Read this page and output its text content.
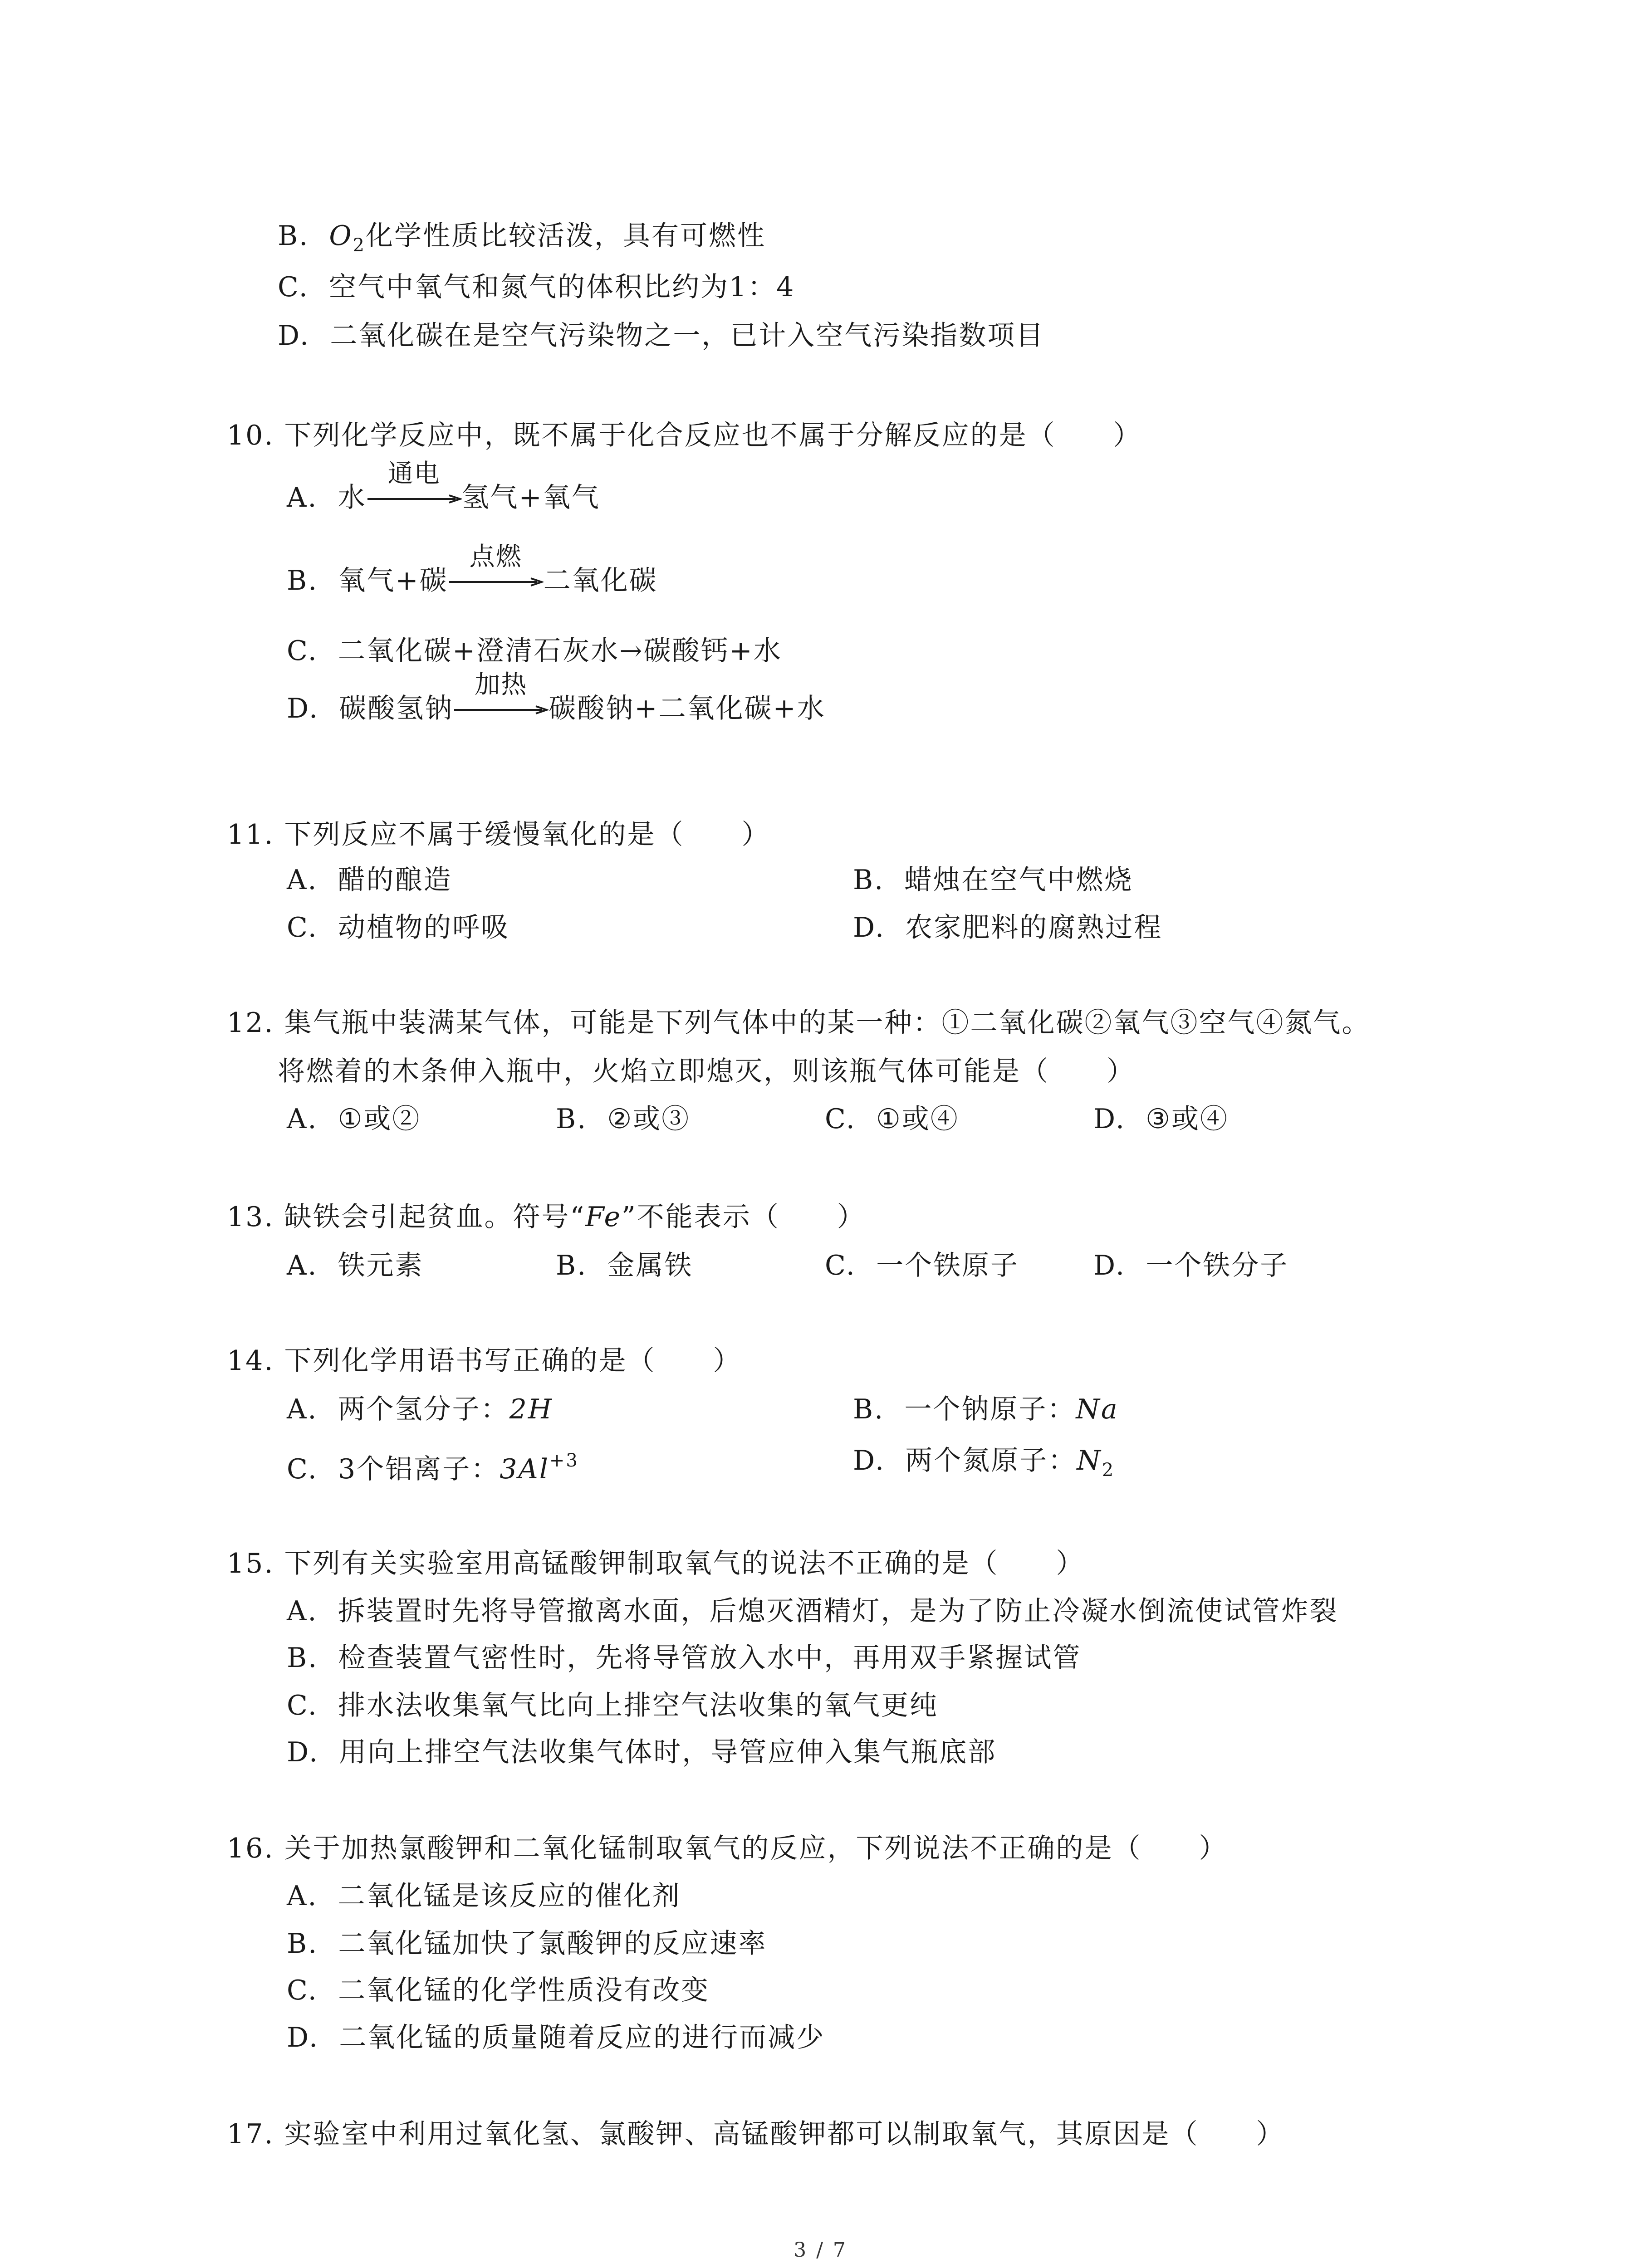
B. $O_2$化学性质比较活泼，具有可燃性
C. 空气中氧气和氮气的体积比约为1：4
D. 二氧化碳在是空气污染物之一，已计入空气污染指数项目
10. 下列化学反应中，既不属于化合反应也不属于分解反应的是（　　）
A. 水
通电
氢气+氧气
B. 氧气+碳
点燃
二氧化碳
C. 二氧化碳+澄清石灰水→碳酸钙+水
D. 碳酸氢钠
加热
碳酸钠+二氧化碳+水
11. 下列反应不属于缓慢氧化的是（　　）
A. 醋的酿造	B. 蜡烛在空气中燃烧
C. 动植物的呼吸	D. 农家肥料的腐熟过程
12. 集气瓶中装满某气体，可能是下列气体中的某一种：①二氧化碳②氧气③空气④氮气。
将燃着的木条伸入瓶中，火焰立即熄灭，则该瓶气体可能是（　　）
A. ①或②	B. ②或③	C. ①或④	D. ③或④
13. 缺铁会引起贫血。符号“Fe”不能表示（　　）
A. 铁元素	B. 金属铁	C. 一个铁原子	D. 一个铁分子
14. 下列化学用语书写正确的是（　　）
A. 两个氢分子：2H	B. 一个钠原子：Na
C. 3个铝离子：$3Al^{+3}$	D. 两个氮原子：$N_2$
15. 下列有关实验室用高锰酸钾制取氧气的说法不正确的是（　　）
A. 拆装置时先将导管撤离水面，后熄灭酒精灯，是为了防止冷凝水倒流使试管炸裂
B. 检查装置气密性时，先将导管放入水中，再用双手紧握试管
C. 排水法收集氧气比向上排空气法收集的氧气更纯
D. 用向上排空气法收集气体时，导管应伸入集气瓶底部
16. 关于加热氯酸钾和二氧化锰制取氧气的反应，下列说法不正确的是（　　）
A. 二氧化锰是该反应的催化剂
B. 二氧化锰加快了氯酸钾的反应速率
C. 二氧化锰的化学性质没有改变
D. 二氧化锰的质量随着反应的进行而减少
17. 实验室中利用过氧化氢、氯酸钾、高锰酸钾都可以制取氧气，其原因是（　　）
3 / 7
